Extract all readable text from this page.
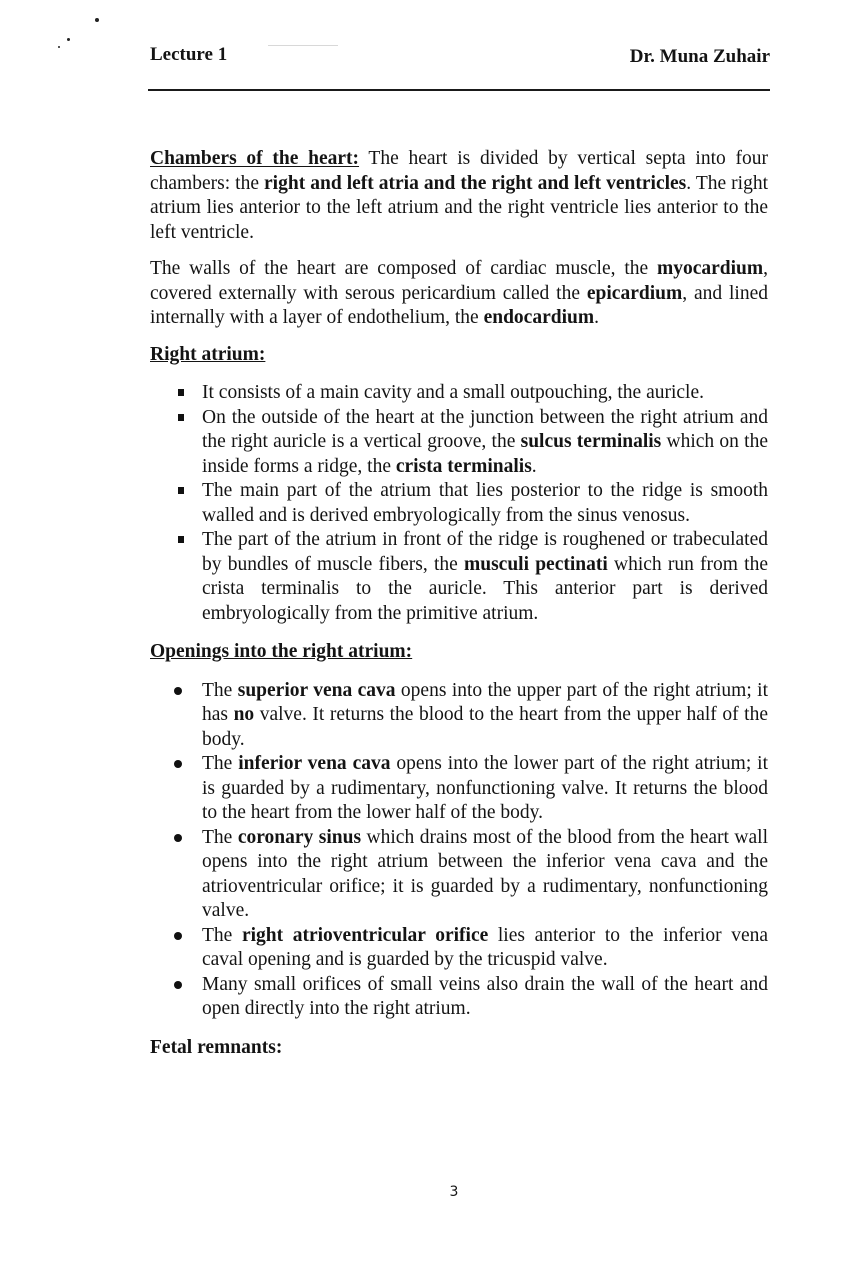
Lecture 1	Dr. Muna Zuhair

Chambers of the heart: The heart is divided by vertical septa into four chambers: the right and left atria and the right and left ventricles. The right atrium lies anterior to the left atrium and the right ventricle lies anterior to the left ventricle.

The walls of the heart are composed of cardiac muscle, the myocardium, covered externally with serous pericardium called the epicardium, and lined internally with a layer of endothelium, the endocardium.

Right atrium:
It consists of a main cavity and a small outpouching, the auricle.
On the outside of the heart at the junction between the right atrium and the right auricle is a vertical groove, the sulcus terminalis which on the inside forms a ridge, the crista terminalis.
The main part of the atrium that lies posterior to the ridge is smooth walled and is derived embryologically from the sinus venosus.
The part of the atrium in front of the ridge is roughened or trabeculated by bundles of muscle fibers, the musculi pectinati which run from the crista terminalis to the auricle. This anterior part is derived embryologically from the primitive atrium.
Openings into the right atrium:
The superior vena cava opens into the upper part of the right atrium; it has no valve. It returns the blood to the heart from the upper half of the body.
The inferior vena cava opens into the lower part of the right atrium; it is guarded by a rudimentary, nonfunctioning valve. It returns the blood to the heart from the lower half of the body.
The coronary sinus which drains most of the blood from the heart wall opens into the right atrium between the inferior vena cava and the atrioventricular orifice; it is guarded by a rudimentary, nonfunctioning valve.
The right atrioventricular orifice lies anterior to the inferior vena caval opening and is guarded by the tricuspid valve.
Many small orifices of small veins also drain the wall of the heart and open directly into the right atrium.
Fetal remnants:
3
